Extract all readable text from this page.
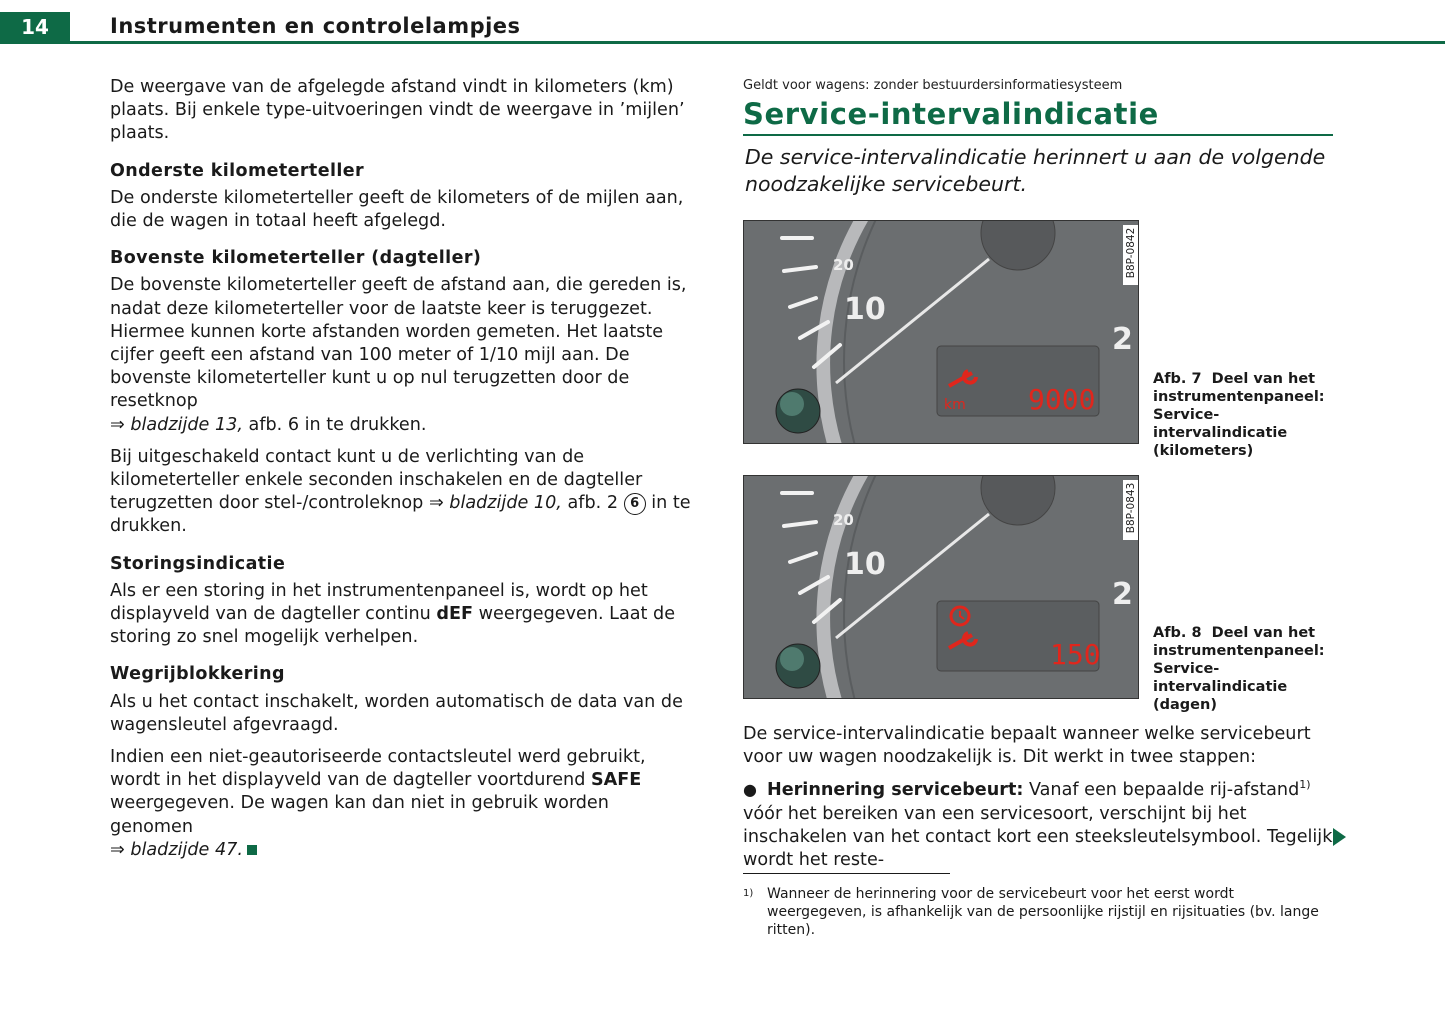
14	Instrumenten en controlelampjes

De weergave van de afgelegde afstand vindt in kilometers (km) plaats. Bij enkele type-uitvoeringen vindt de weergave in ’mijlen’ plaats.

Onderste kilometerteller

De onderste kilometerteller geeft de kilometers of de mijlen aan, die de wagen in totaal heeft afgelegd.

Bovenste kilometerteller (dagteller)

De bovenste kilometerteller geeft de afstand aan, die gereden is, nadat deze kilometerteller voor de laatste keer is teruggezet. Hiermee kunnen korte afstanden worden gemeten. Het laatste cijfer geeft een afstand van 100 meter of 1/10 mijl aan. De bovenste kilometerteller kunt u op nul terugzetten door de resetknop
⇒ bladzijde 13, afb. 6 in te drukken.

Bij uitgeschakeld contact kunt u de verlichting van de kilometerteller enkele seconden inschakelen en de dagteller terugzetten door stel-/controleknop ⇒ bladzijde 10, afb. 2 6 in te drukken.

Storingsindicatie

Als er een storing in het instrumentenpaneel is, wordt op het displayveld van de dagteller continu dEF weergegeven. Laat de storing zo snel mogelijk verhelpen.

Wegrijblokkering

Als u het contact inschakelt, worden automatisch de data van de wagensleutel afgevraagd.

Indien een niet-geautoriseerde contactsleutel werd gebruikt, wordt in het displayveld van de dagteller voortdurend SAFE weergegeven. De wagen kan dan niet in gebruik worden genomen
⇒ bladzijde 47.

Geldt voor wagens: zonder bestuurdersinformatiesysteem

Service-intervalindicatie
De service-intervalindicatie herinnert u aan de volgende noodzakelijke servicebeurt.
20
10
2
9000
km
B8P-0842
Afb. 7 Deel van het instrumentenpaneel: Service-intervalindicatie (kilometers)
20
10
2
150
B8P-0843
Afb. 8 Deel van het instrumentenpaneel: Service-intervalindicatie (dagen)

De service-intervalindicatie bepaalt wanneer welke servicebeurt voor uw wagen noodzakelijk is. Dit werkt in twee stappen:

● Herinnering servicebeurt: Vanaf een bepaalde rij-afstand$^{1)}$ vóór het bereiken van een servicesoort, verschijnt bij het inschakelen van het contact kort een steeksleutelsymbool. Tegelijk wordt het reste-

1) Wanneer de herinnering voor de servicebeurt voor het eerst wordt weergegeven, is afhankelijk van de persoonlijke rijstijl en rijsituaties (bv. lange ritten).
